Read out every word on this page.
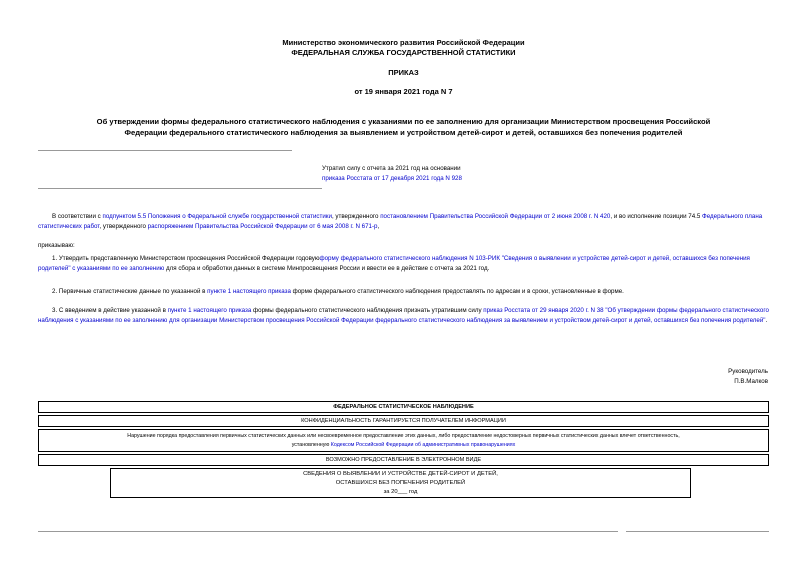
Министерство экономического развития Российской Федерации
ФЕДЕРАЛЬНАЯ СЛУЖБА ГОСУДАРСТВЕННОЙ СТАТИСТИКИ
ПРИКАЗ
от 19 января 2021 года N 7
Об утверждении формы федерального статистического наблюдения с указаниями по ее заполнению для организации Министерством просвещения Российской
Федерации федерального статистического наблюдения за выявлением и устройством детей-сирот и детей, оставшихся без попечения родителей
Утратил силу с отчета за 2021 год на основании
приказа Росстата от 17 декабря 2021 года N 928

В соответствии с подпунктом 5.5 Положения о Федеральной службе государственной статистики, утвержденного постановлением Правительства Российской Федерации от 2 июня 2008 г. N 420, и во исполнение позиции 74.5 Федерального плана статистических работ, утвержденного распоряжением Правительства Российской Федерации от 6 мая 2008 г. N 671-р,

приказываю:

1. Утвердить представленную Министерством просвещения Российской Федерации годовуюформу федерального статистического наблюдения N 103-РИК "Сведения о выявлении и устройстве детей-сирот и детей, оставшихся без попечения родителей" с указаниями по ее заполнению для сбора и обработки данных в системе Минпросвещения России и ввести ее в действие с отчета за 2021 год.

2. Первичные статистические данные по указанной в пункте 1 настоящего приказа форме федерального статистического наблюдения предоставлять по адресам и в сроки, установленные в форме.

3. С введением в действие указанной в пункте 1 настоящего приказа формы федерального статистического наблюдения признать утратившим силу приказ Росстата от 29 января 2020 г. N 38 "Об утверждении формы федерального статистического наблюдения с указаниями по ее заполнению для организации Министерством просвещения Российской Федерации федерального статистического наблюдения за выявлением и устройством детей-сирот и детей, оставшихся без попечения родителей".

Руководитель
П.В.Малков
ФЕДЕРАЛЬНОЕ СТАТИСТИЧЕСКОЕ НАБЛЮДЕНИЕ
КОНФИДЕНЦИАЛЬНОСТЬ ГАРАНТИРУЕТСЯ ПОЛУЧАТЕЛЕМ ИНФОРМАЦИИ
Нарушение порядка предоставления первичных статистических данных или несвоевременное предоставление этих данных, либо предоставление недостоверных первичных статистических данных влечет ответственность,
установленную Кодексом Российской Федерации об административных правонарушениях
ВОЗМОЖНО ПРЕДОСТАВЛЕНИЕ В ЭЛЕКТРОННОМ ВИДЕ
СВЕДЕНИЯ О ВЫЯВЛЕНИИ И УСТРОЙСТВЕ ДЕТЕЙ-СИРОТ И ДЕТЕЙ,
ОСТАВШИХСЯ БЕЗ ПОПЕЧЕНИЯ РОДИТЕЛЕЙ
за 20___ год
